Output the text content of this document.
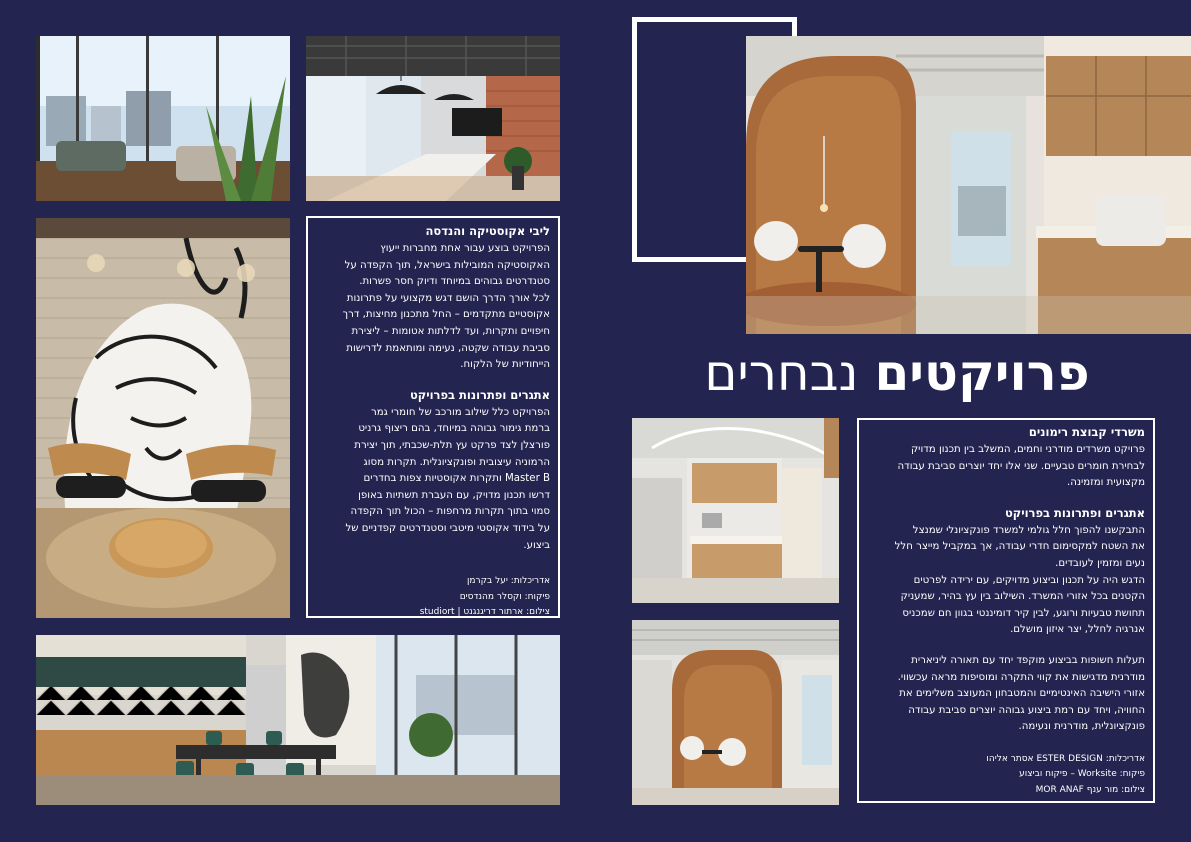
ליבי אקוסטיקה והנדסה

הפרויקט בוצע עבור אחת מחברות ייעוץ

האקוסטיקה המובילות בישראל, תוך הקפדה על

סטנדרטים גבוהים במיוחד ודיוק חסר פשרות.

לכל אורך הדרך הושם דגש מקצועי על פתרונות

אקוסטיים מתקדמים – החל מתכנון מחיצות, דרך

חיפויים ותקרות, ועד לדלתות אטומות – ליצירת

סביבת עבודה שקטה, נעימה ומותאמת לדרישות

הייחודיות של הלקוח.

אתגרים ופתרונות בפרויקט

הפרויקט כלל שילוב מורכב של חומרי גמר

ברמת גימור גבוהה במיוחד, בהם ריצוף גרניט

פורצלן לצד פרקט עץ תלת-שכבתי, תוך יצירת

הרמוניה עיצובית ופונקציונלית. תקרות מסוג

Master B ותקרות אקוסטיות צפות בחדרים

דרשו תכנון מדויק, עם העברת תשתיות באופן

סמוי בתוך תקרות מרחפות – הכול תוך הקפדה

על בידוד אקוסטי מיטבי וסטנדרטים קפדניים של

ביצוע.

אדריכלות: יעל בקרמן

פיקוח: וקסלר מהנדסים

צילום: ארתור דריגנגנט | studiort

פרויקטים נבחרים
משרדי קבוצת רימונים

פרויקט משרדים מודרני וחמים, המשלב בין תכנון מדויק

לבחירת חומרים טבעיים. שני אלו יחד יוצרים סביבת עבודה

מקצועית ומזמינה.

אתגרים ופתרונות בפרויקט

התבקשנו להפוך חלל גולמי למשרד פונקציונלי שמנצל

את השטח למקסימום חדרי עבודה, אך במקביל מייצר חלל

נעים ומזמין לעובדים.

הדגש היה על תכנון וביצוע מדויקים, עם ירידה לפרטים

הקטנים בכל אזורי המשרד. השילוב בין עץ בהיר, שמעניק

תחושת טבעיות ורוגע, לבין קיר דומיננטי בגוון חם שמכניס

אנרגיה לחלל, יצר איזון מושלם.

תעלות חשופות בביצוע מוקפד יחד עם תאורה ליניארית

מודרנית מדגישות את קווי התקרה ומוסיפות מראה עכשווי.

אזורי הישיבה האינטימיים והמטבחון המעוצב משלימים את

החוויה, ויחד עם רמת ביצוע גבוהה יוצרים סביבת עבודה

פונקציונלית, מודרנית ונעימה.

אדריכלות: ESTER DESIGN אסתר אליהו

פיקוח: Worksite – פיקוח וביצוע

צילום: מור ענף MOR ANAF
